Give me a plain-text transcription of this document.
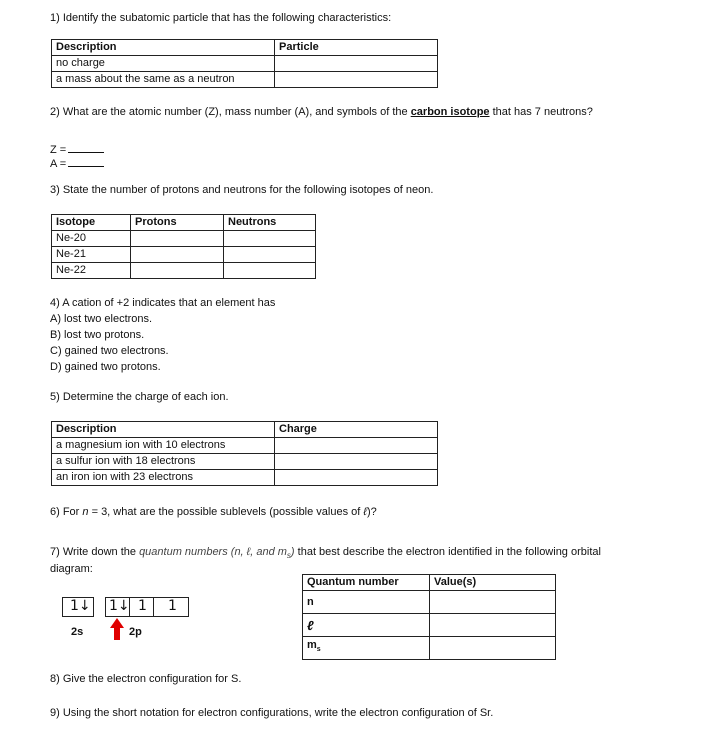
1) Identify the subatomic particle that has the following characteristics:
Description	Particle
no charge	
a mass about the same as a neutron	
2) What are the atomic number (Z), mass number (A), and symbols of the carbon isotope that has 7 neutrons?
Z =
A =
3) State the number of protons and neutrons for the following isotopes of neon.
Isotope	Protons	Neutrons
Ne-20		
Ne-21		
Ne-22		
4) A cation of +2 indicates that an element has
A) lost two electrons.
B) lost two protons.
C) gained two electrons.
D) gained two protons.
5) Determine the charge of each ion.
Description	Charge
a magnesium ion with 10 electrons	
a sulfur ion with 18 electrons	
an iron ion with 23 electrons	
6) For n = 3, what are the possible sublevels (possible values of ℓ)?
7) Write down the quantum numbers (n, ℓ, and $m_s$) that best describe the electron identified in the following orbital
diagram:
Quantum number	Value(s)
n	
ℓ	
$m_s$	
1↓ 1↓ 1 1
2s	2p
8) Give the electron configuration for S.
9) Using the short notation for electron configurations, write the electron configuration of Sr.
